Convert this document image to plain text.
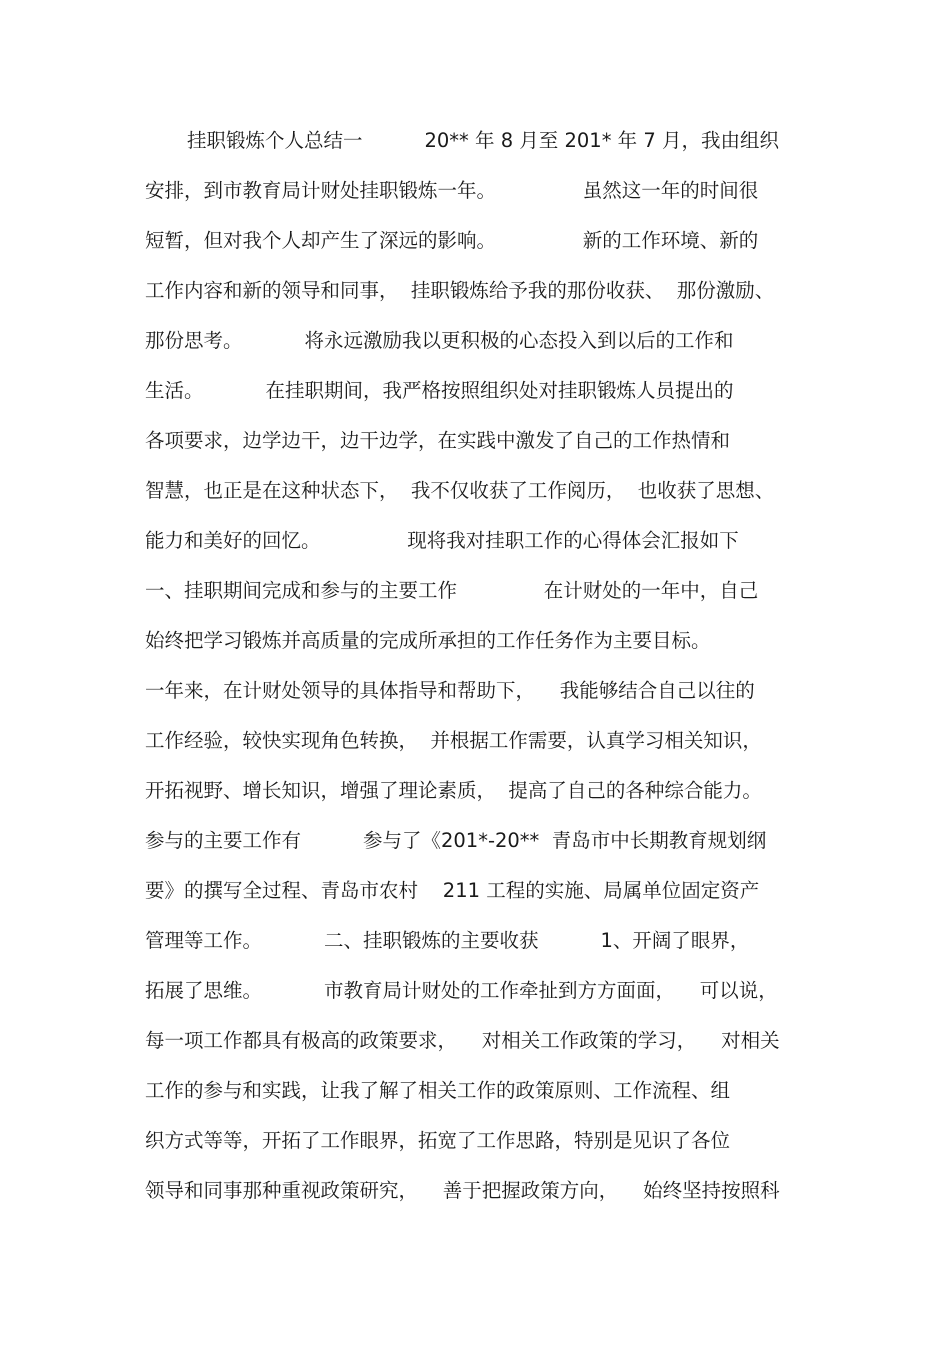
挂职锻炼个人总结一          20** 年 8 月至 201* 年 7 月，我由组织
安排，到市教育局计财处挂职锻炼一年。              虽然这一年的时间很
短暂，但对我个人却产生了深远的影响。              新的工作环境、新的
工作内容和新的领导和同事，  挂职锻炼给予我的那份收获、  那份激励、
那份思考。          将永远激励我以更积极的心态投入到以后的工作和
生活。          在挂职期间，我严格按照组织处对挂职锻炼人员提出的
各项要求，边学边干，边干边学，在实践中激发了自己的工作热情和
智慧，也正是在这种状态下，  我不仅收获了工作阅历，  也收获了思想、
能力和美好的回忆。              现将我对挂职工作的心得体会汇报如下
一、挂职期间完成和参与的主要工作              在计财处的一年中，自己
始终把学习锻炼并高质量的完成所承担的工作任务作为主要目标。
一年来，在计财处领导的具体指导和帮助下，    我能够结合自己以往的
工作经验，较快实现角色转换，  并根据工作需要，认真学习相关知识，
开拓视野、增长知识，增强了理论素质，  提高了自己的各种综合能力。
参与的主要工作有          参与了《201*-20**  青岛市中长期教育规划纲
要》的撰写全过程、青岛市农村    211 工程的实施、局属单位固定资产
管理等工作。          二、挂职锻炼的主要收获          1、开阔了眼界，
拓展了思维。          市教育局计财处的工作牵扯到方方面面，    可以说，
每一项工作都具有极高的政策要求，    对相关工作政策的学习，    对相关
工作的参与和实践，让我了解了相关工作的政策原则、工作流程、组
织方式等等，开拓了工作眼界，拓宽了工作思路，特别是见识了各位
领导和同事那种重视政策研究，    善于把握政策方向，    始终坚持按照科
